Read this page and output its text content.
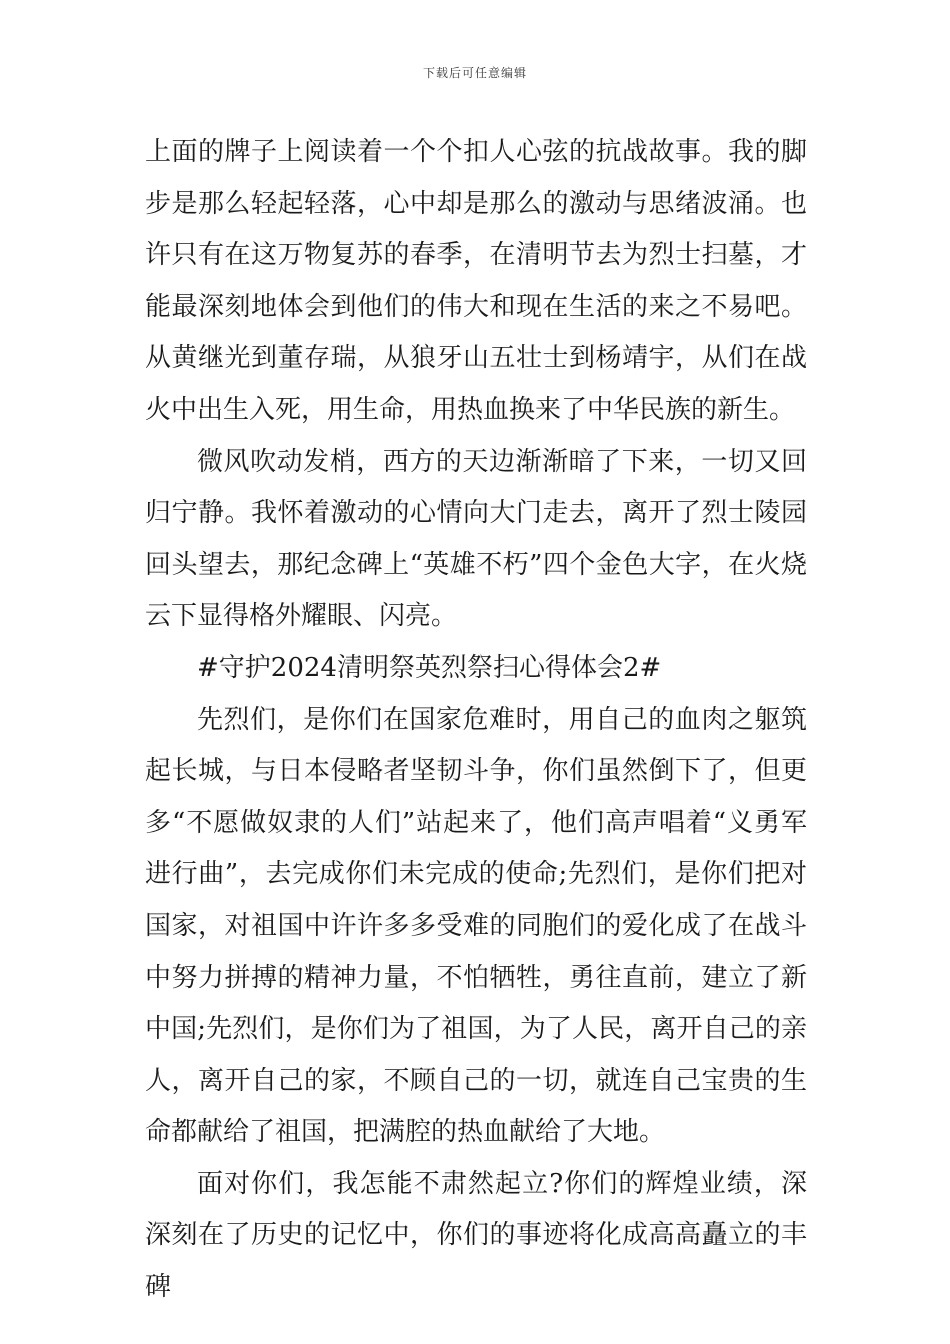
下载后可任意编辑

上面的牌子上阅读着一个个扣人心弦的抗战故事。我的脚步是那么轻起轻落，心中却是那么的激动与思绪波涌。也许只有在这万物复苏的春季，在清明节去为烈士扫墓，才能最深刻地体会到他们的伟大和现在生活的来之不易吧。从黄继光到董存瑞，从狼牙山五壮士到杨靖宇，从们在战火中出生入死，用生命，用热血换来了中华民族的新生。

微风吹动发梢，西方的天边渐渐暗了下来，一切又回归宁静。我怀着激动的心情向大门走去，离开了烈士陵园回头望去，那纪念碑上“英雄不朽”四个金色大字，在火烧云下显得格外耀眼、闪亮。

#守护2024清明祭英烈祭扫心得体会2#

先烈们，是你们在国家危难时，用自己的血肉之躯筑起长城，与日本侵略者坚韧斗争，你们虽然倒下了，但更多“不愿做奴隶的人们”站起来了，他们高声唱着“义勇军进行曲”，去完成你们未完成的使命;先烈们，是你们把对国家，对祖国中许许多多受难的同胞们的爱化成了在战斗中努力拼搏的精神力量，不怕牺牲，勇往直前，建立了新中国;先烈们，是你们为了祖国，为了人民，离开自己的亲人，离开自己的家，不顾自己的一切，就连自己宝贵的生命都献给了祖国，把满腔的热血献给了大地。

面对你们，我怎能不肃然起立?你们的辉煌业绩，深深刻在了历史的记忆中，你们的事迹将化成高高矗立的丰碑
